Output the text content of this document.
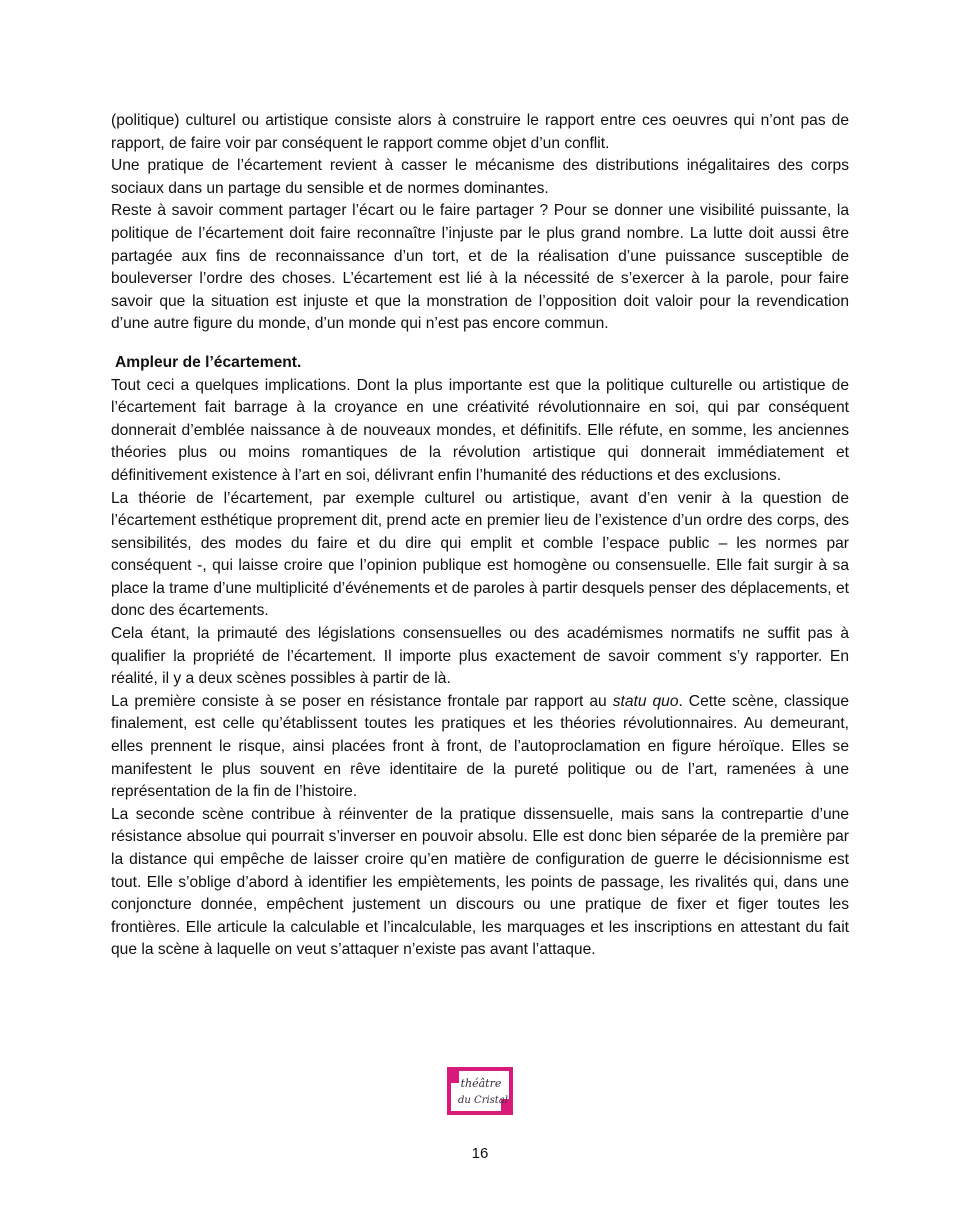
(politique) culturel ou artistique consiste alors à construire le rapport entre ces oeuvres qui n’ont pas de rapport, de faire voir par conséquent le rapport comme objet d’un conflit.

Une pratique de l’écartement revient à casser le mécanisme des distributions inégalitaires des corps sociaux dans un partage du sensible et de normes dominantes.

Reste à savoir comment partager l’écart ou le faire partager ? Pour se donner une visibilité puissante, la politique de l’écartement doit faire reconnaître l’injuste par le plus grand nombre. La lutte doit aussi être partagée aux fins de reconnaissance d’un tort, et de la réalisation d’une puissance susceptible de bouleverser l’ordre des choses. L’écartement est lié à la nécessité de s’exercer à la parole, pour faire savoir que la situation est injuste et que la monstration de l’opposition doit valoir pour la revendication d’une autre figure du monde, d’un monde qui n’est pas encore commun.

Ampleur de l’écartement.

Tout ceci a quelques implications. Dont la plus importante est que la politique culturelle ou artistique de l’écartement fait barrage à la croyance en une créativité révolutionnaire en soi, qui par conséquent donnerait d’emblée naissance à de nouveaux mondes, et définitifs. Elle réfute, en somme, les anciennes théories plus ou moins romantiques de la révolution artistique qui donnerait immédiatement et définitivement existence à l’art en soi, délivrant enfin l’humanité des réductions et des exclusions.

La théorie de l’écartement, par exemple culturel ou artistique, avant d’en venir à la question de l’écartement esthétique proprement dit, prend acte en premier lieu de l’existence d’un ordre des corps, des sensibilités, des modes du faire et du dire qui emplit et comble l’espace public – les normes par conséquent -, qui laisse croire que l’opinion publique est homogène ou consensuelle. Elle fait surgir à sa place la trame d’une multiplicité d’événements et de paroles à partir desquels penser des déplacements, et donc des écartements.

Cela étant, la primauté des législations consensuelles ou des académismes normatifs ne suffit pas à qualifier la propriété de l’écartement. Il importe plus exactement de savoir comment s’y rapporter. En réalité, il y a deux scènes possibles à partir de là.

La première consiste à se poser en résistance frontale par rapport au statu quo. Cette scène, classique finalement, est celle qu’établissent toutes les pratiques et les théories révolutionnaires. Au demeurant, elles prennent le risque, ainsi placées front à front, de l’autoproclamation en figure héroïque. Elles se manifestent le plus souvent en rêve identitaire de la pureté politique ou de l’art, ramenées à une représentation de la fin de l’histoire.

La seconde scène contribue à réinventer de la pratique dissensuelle, mais sans la contrepartie d’une résistance absolue qui pourrait s’inverser en pouvoir absolu. Elle est donc bien séparée de la première par la distance qui empêche de laisser croire qu’en matière de configuration de guerre le décisionnisme est tout. Elle s’oblige d’abord à identifier les empiètements, les points de passage, les rivalités qui, dans une conjoncture donnée, empêchent justement un discours ou une pratique de fixer et figer toutes les frontières. Elle articule la calculable et l’incalculable, les marquages et les inscriptions en attestant du fait que la scène à laquelle on veut s’attaquer n’existe pas avant l’attaque.

théâtre
du Cristal
16
